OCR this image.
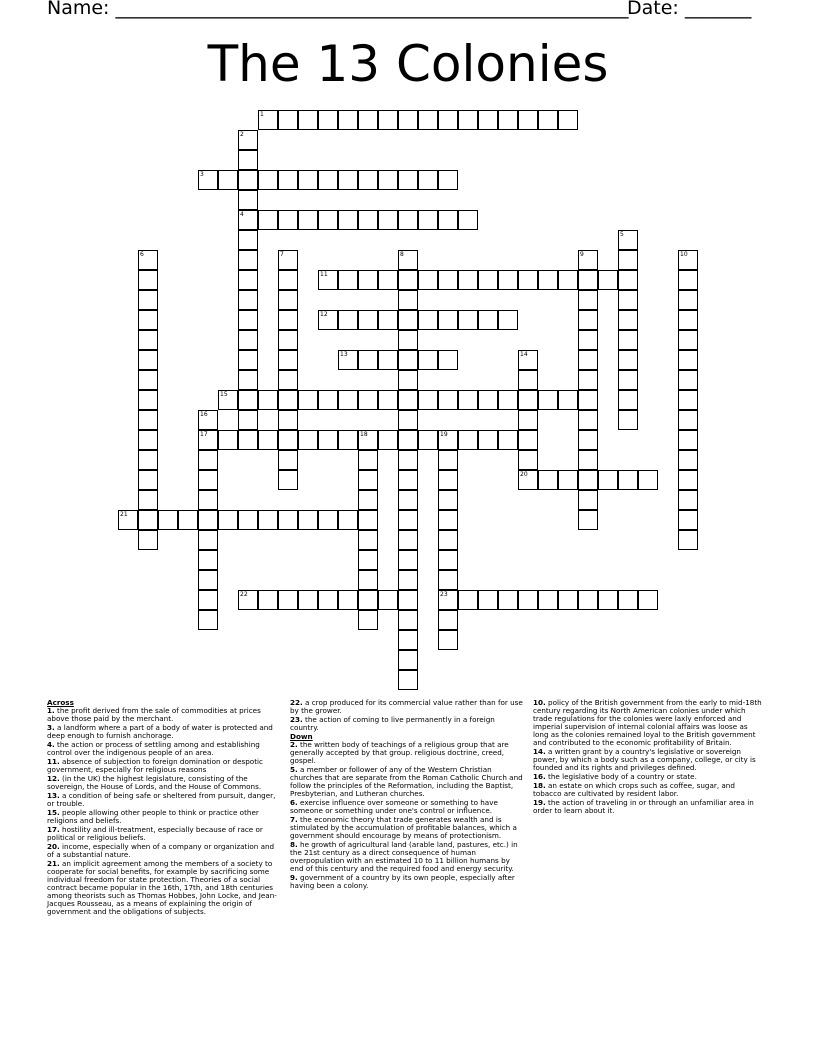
Name: ______________________________________________________
Date: _______
The 13 Colonies
1
2
3
4
5
6	7	8	9	10
11
12
13	14
15
16
17	18	19
20
21
22	23
Across
1. the profit derived from the sale of commodities at prices above those paid by the merchant.
3. a landform where a part of a body of water is protected and deep enough to furnish anchorage.
4. the action or process of settling among and establishing control over the indigenous people of an area.
11. absence of subjection to foreign domination or despotic government, especially for religious reasons
12. (in the UK) the highest legislature, consisting of the sovereign, the House of Lords, and the House of Commons.
13. a condition of being safe or sheltered from pursuit, danger, or trouble.
15. people allowing other people to think or practice other religions and beliefs.
17. hostility and ill-treatment, especially because of race or political or religious beliefs.
20. income, especially when of a company or organization and of a substantial nature.
21. an implicit agreement among the members of a society to cooperate for social benefits, for example by sacrificing some individual freedom for state protection. Theories of a social contract became popular in the 16th, 17th, and 18th centuries among theorists such as Thomas Hobbes, John Locke, and Jean-Jacques Rousseau, as a means of explaining the origin of government and the obligations of subjects.
22. a crop produced for its commercial value rather than for use by the grower.
23. the action of coming to live permanently in a foreign country.
Down
2. the written body of teachings of a religious group that are generally accepted by that group. religious doctrine, creed, gospel.
5. a member or follower of any of the Western Christian churches that are separate from the Roman Catholic Church and follow the principles of the Reformation, including the Baptist, Presbyterian, and Lutheran churches.
6. exercise influence over someone or something to have someone or something under one's control or influence.
7. the economic theory that trade generates wealth and is stimulated by the accumulation of profitable balances, which a government should encourage by means of protectionism.
8. he growth of agricultural land (arable land, pastures, etc.) in the 21st century as a direct consequence of human overpopulation with an estimated 10 to 11 billion humans by end of this century and the required food and energy security.
9. government of a country by its own people, especially after having been a colony.
10. policy of the British government from the early to mid-18th century regarding its North American colonies under which trade regulations for the colonies were laxly enforced and imperial supervision of internal colonial affairs was loose as long as the colonies remained loyal to the British government and contributed to the economic profitability of Britain.
14. a written grant by a country's legislative or sovereign power, by which a body such as a company, college, or city is founded and its rights and privileges defined.
16. the legislative body of a country or state.
18. an estate on which crops such as coffee, sugar, and tobacco are cultivated by resident labor.
19. the action of traveling in or through an unfamiliar area in order to learn about it.
